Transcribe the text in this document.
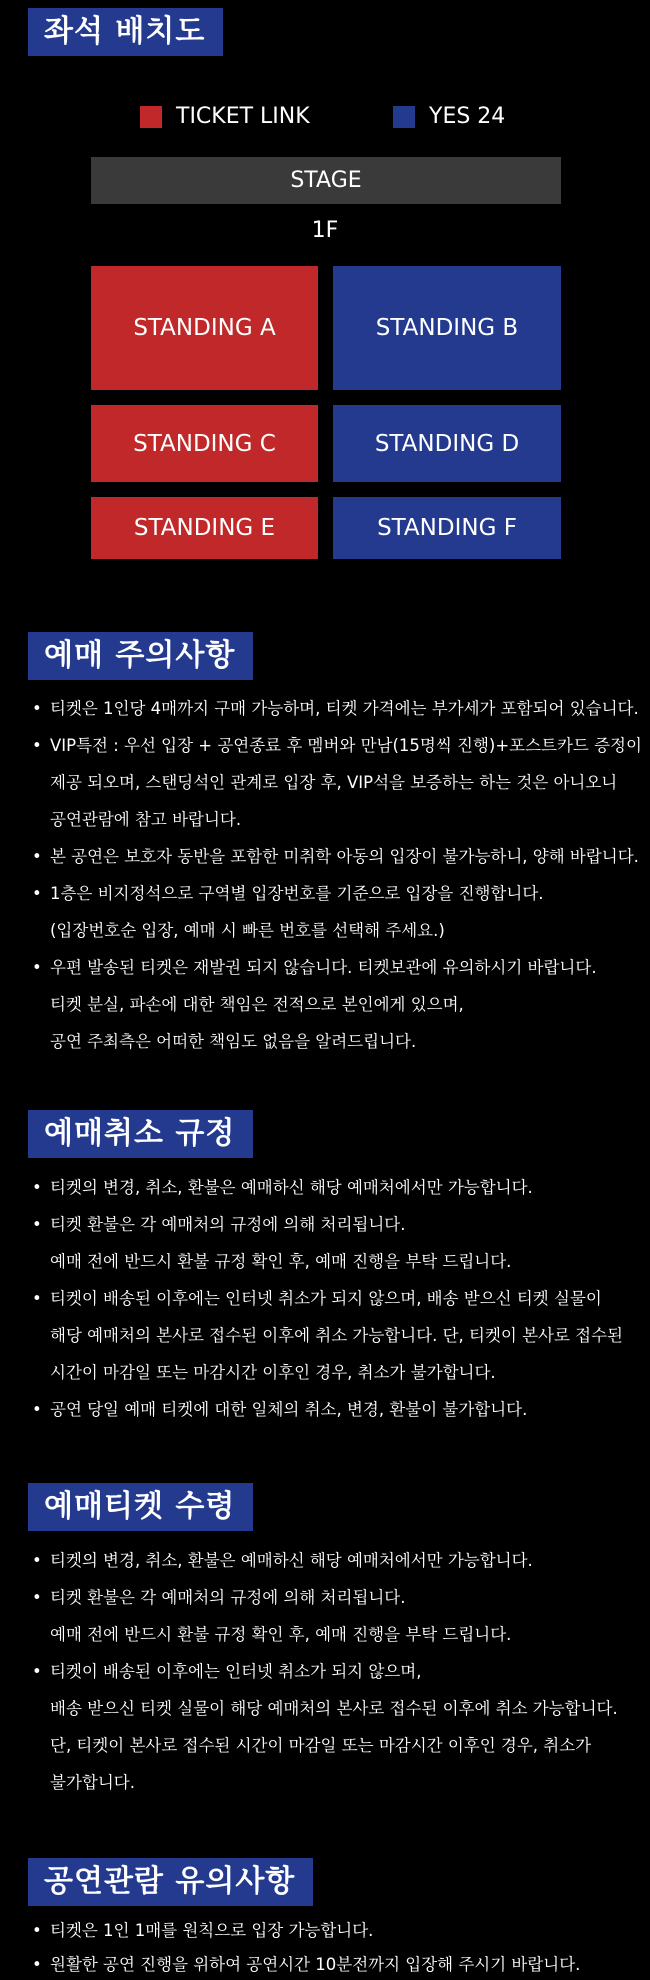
좌석 배치도
TICKET LINK	YES 24
STAGE
1F
STANDING A	STANDING B
STANDING C	STANDING D
STANDING E	STANDING F
예매 주의사항
• 티켓은 1인당 4매까지 구매 가능하며, 티켓 가격에는 부가세가 포함되어 있습니다.
• VIP특전 : 우선 입장 + 공연종료 후 멤버와 만남(15명씩 진행)+포스트카드 증정이
제공 되오며, 스탠딩석인 관계로 입장 후, VIP석을 보증하는 하는 것은 아니오니
공연관람에 참고 바랍니다.
• 본 공연은 보호자 동반을 포함한 미취학 아동의 입장이 불가능하니, 양해 바랍니다.
• 1층은 비지정석으로 구역별 입장번호를 기준으로 입장을 진행합니다.
(입장번호순 입장, 예매 시 빠른 번호를 선택해 주세요.)
• 우편 발송된 티켓은 재발권 되지 않습니다. 티켓보관에 유의하시기 바랍니다.
티켓 분실, 파손에 대한 책임은 전적으로 본인에게 있으며,
공연 주최측은 어떠한 책임도 없음을 알려드립니다.
예매취소 규정
• 티켓의 변경, 취소, 환불은 예매하신 해당 예매처에서만 가능합니다.
• 티켓 환불은 각 예매처의 규정에 의해 처리됩니다.
예매 전에 반드시 환불 규정 확인 후, 예매 진행을 부탁 드립니다.
• 티켓이 배송된 이후에는 인터넷 취소가 되지 않으며, 배송 받으신 티켓 실물이
해당 예매처의 본사로 접수된 이후에 취소 가능합니다. 단, 티켓이 본사로 접수된
시간이 마감일 또는 마감시간 이후인 경우, 취소가 불가합니다.
• 공연 당일 예매 티켓에 대한 일체의 취소, 변경, 환불이 불가합니다.
예매티켓 수령
• 티켓의 변경, 취소, 환불은 예매하신 해당 예매처에서만 가능합니다.
• 티켓 환불은 각 예매처의 규정에 의해 처리됩니다.
예매 전에 반드시 환불 규정 확인 후, 예매 진행을 부탁 드립니다.
• 티켓이 배송된 이후에는 인터넷 취소가 되지 않으며,
배송 받으신 티켓 실물이 해당 예매처의 본사로 접수된 이후에 취소 가능합니다.
단, 티켓이 본사로 접수된 시간이 마감일 또는 마감시간 이후인 경우, 취소가
불가합니다.
공연관람 유의사항
• 티켓은 1인 1매를 원칙으로 입장 가능합니다.
• 원활한 공연 진행을 위하여 공연시간 10분전까지 입장해 주시기 바랍니다.
